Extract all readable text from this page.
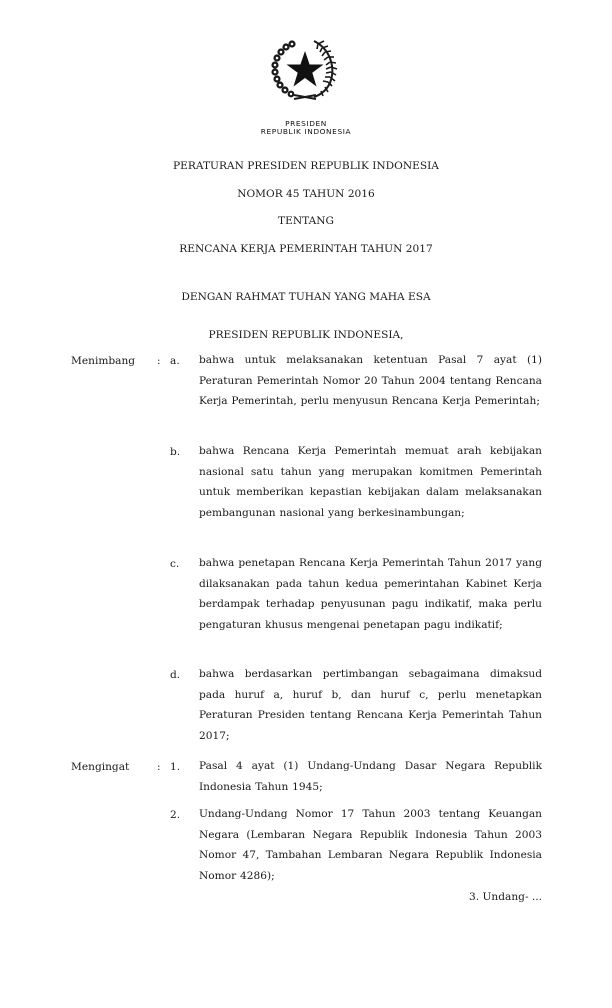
PRESIDEN
REPUBLIK INDONESIA
PERATURAN PRESIDEN REPUBLIK INDONESIA
NOMOR 45 TAHUN 2016
TENTANG
RENCANA KERJA PEMERINTAH TAHUN 2017
DENGAN RAHMAT TUHAN YANG MAHA ESA
PRESIDEN REPUBLIK INDONESIA,
Menimbang : a. bahwa untuk melaksanakan ketentuan Pasal 7 ayat (1) Peraturan Pemerintah Nomor 20 Tahun 2004 tentang Rencana Kerja Pemerintah, perlu menyusun Rencana Kerja Pemerintah;
b. bahwa Rencana Kerja Pemerintah memuat arah kebijakan nasional satu tahun yang merupakan komitmen Pemerintah untuk memberikan kepastian kebijakan dalam melaksanakan pembangunan nasional yang berkesinambungan;
c. bahwa penetapan Rencana Kerja Pemerintah Tahun 2017 yang dilaksanakan pada tahun kedua pemerintahan Kabinet Kerja berdampak terhadap penyusunan pagu indikatif, maka perlu pengaturan khusus mengenai penetapan pagu indikatif;
d. bahwa berdasarkan pertimbangan sebagaimana dimaksud pada huruf a, huruf b, dan huruf c, perlu menetapkan Peraturan Presiden tentang Rencana Kerja Pemerintah Tahun 2017;
Mengingat	: 1. Pasal 4 ayat (1) Undang-Undang Dasar Negara Republik Indonesia Tahun 1945;
2. Undang-Undang Nomor 17 Tahun 2003 tentang Keuangan Negara (Lembaran Negara Republik Indonesia Tahun 2003 Nomor 47, Tambahan Lembaran Negara Republik Indonesia Nomor 4286);
3. Undang- ...
